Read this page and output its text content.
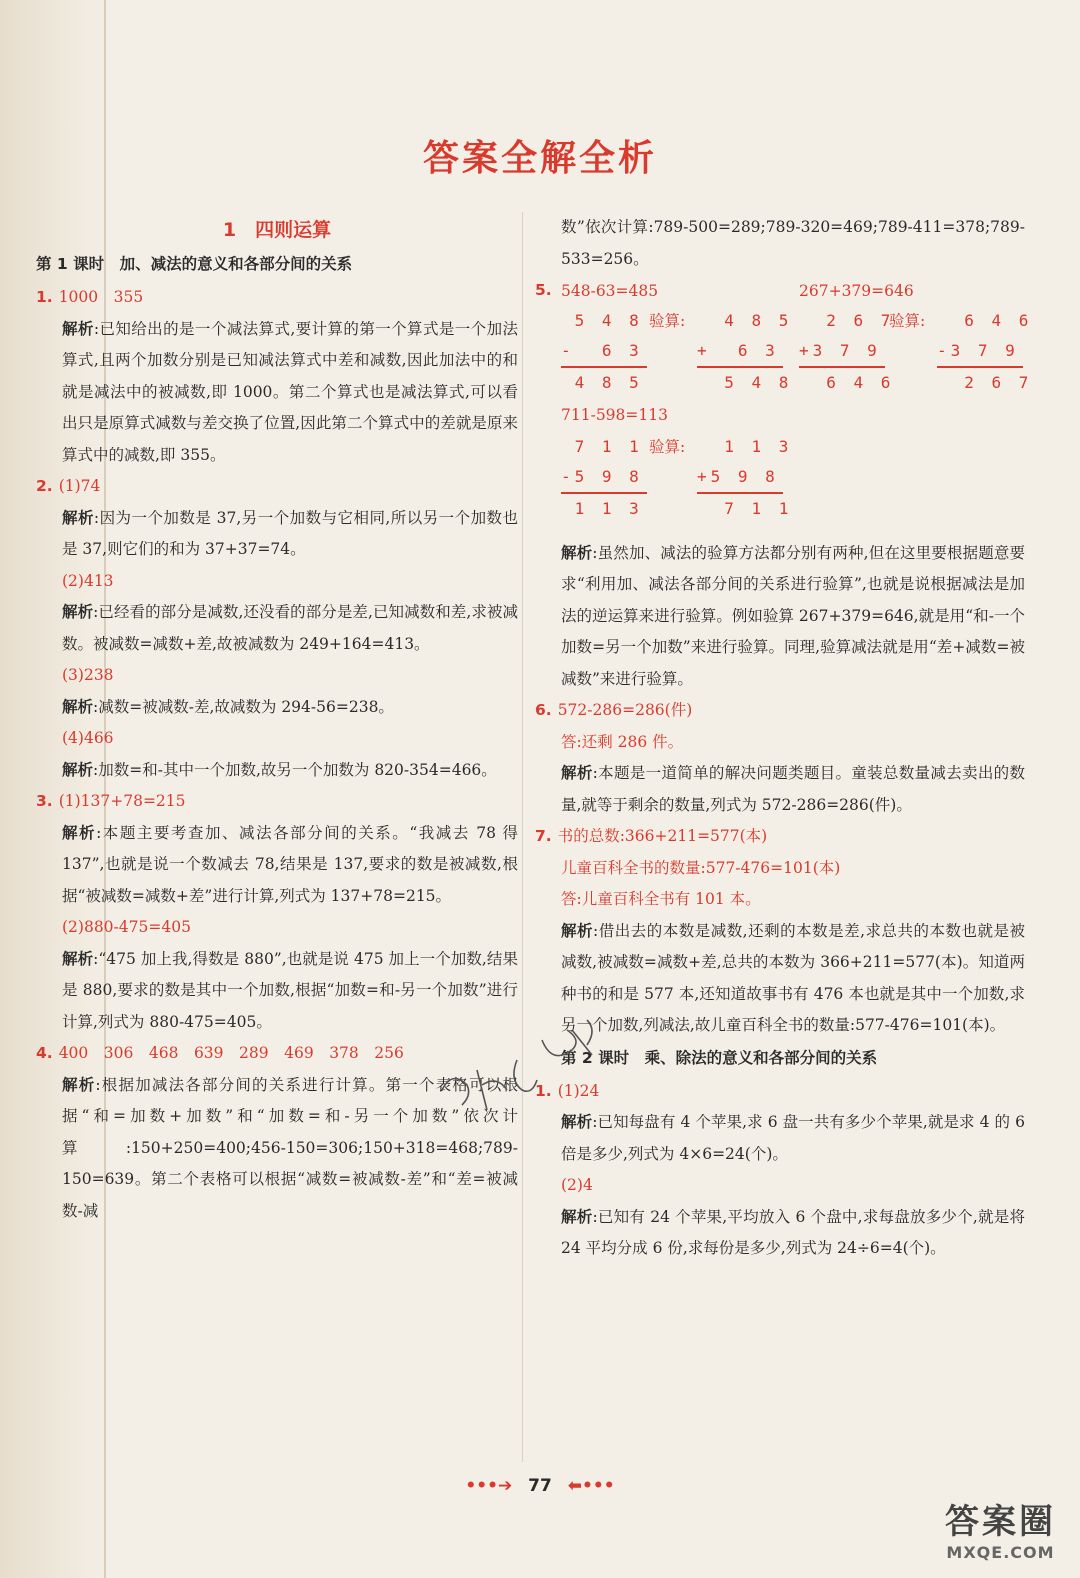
答案全解全析

1　四则运算

第 1 课时　加、减法的意义和各部分间的关系

1. 1000　355

解析:已知给出的是一个减法算式,要计算的第一个算式是一个加法算式,且两个加数分别是已知减法算式中差和减数,因此加法中的和就是减法中的被减数,即 1000。第二个算式也是减法算式,可以看出只是原算式减数与差交换了位置,因此第二个算式中的差就是原来算式中的减数,即 355。

2. (1)74

解析:因为一个加数是 37,另一个加数与它相同,所以另一个加数也是 37,则它们的和为 37+37=74。

(2)413

解析:已经看的部分是减数,还没看的部分是差,已知减数和差,求被减数。被减数=减数+差,故被减数为 249+164=413。

(3)238

解析:减数=被减数-差,故减数为 294-56=238。

(4)466

解析:加数=和-其中一个加数,故另一个加数为 820-354=466。

3. (1)137+78=215

解析:本题主要考查加、减法各部分间的关系。“我减去 78 得 137”,也就是说一个数减去 78,结果是 137,要求的数是被减数,根据“被减数=减数+差”进行计算,列式为 137+78=215。

(2)880-475=405

解析:“475 加上我,得数是 880”,也就是说 475 加上一个加数,结果是 880,要求的数是其中一个加数,根据“加数=和-另一个加数”进行计算,列式为 880-475=405。

4. 400　306　468　639　289　469　378　256

解析:根据加减法各部分间的关系进行计算。第一个表格可以根据“和=加数+加数”和“加数=和-另一个加数”依次计算:150+250=400;456-150=306;150+318=468;789-150=639。第二个表格可以根据“减数=被减数-差”和“差=被减数-减

数”依次计算:789-500=289;789-320=469;789-411=378;789-533=256。

5. 548-63=485	267+379=646
5 4 8
-  6 3
4 8 5
验算: 4 8 5
+  6 3
5 4 8
2 6 7
+3 7 9
6 4 6
验算: 6 4 6
-3 7 9
2 6 7
711-598=113
7 1 1
-5 9 8
1 1 3
验算: 1 1 3
+5 9 8
7 1 1

解析:虽然加、减法的验算方法都分别有两种,但在这里要根据题意要求“利用加、减法各部分间的关系进行验算”,也就是说根据减法是加法的逆运算来进行验算。例如验算 267+379=646,就是用“和-一个加数=另一个加数”来进行验算。同理,验算减法就是用“差+减数=被减数”来进行验算。

6. 572-286=286(件)

答:还剩 286 件。

解析:本题是一道简单的解决问题类题目。童装总数量减去卖出的数量,就等于剩余的数量,列式为 572-286=286(件)。

7. 书的总数:366+211=577(本)

儿童百科全书的数量:577-476=101(本)

答:儿童百科全书有 101 本。

解析:借出去的本数是减数,还剩的本数是差,求总共的本数也就是被减数,被减数=减数+差,总共的本数为 366+211=577(本)。知道两种书的和是 577 本,还知道故事书有 476 本也就是其中一个加数,求另一个加数,列减法,故儿童百科全书的数量:577-476=101(本)。

第 2 课时　乘、除法的意义和各部分间的关系

1. (1)24

解析:已知每盘有 4 个苹果,求 6 盘一共有多少个苹果,就是求 4 的 6 倍是多少,列式为 4×6=24(个)。

(2)4

解析:已知有 24 个苹果,平均放入 6 个盘中,求每盘放多少个,就是将 24 平均分成 6 份,求每份是多少,列式为 24÷6=4(个)。

•••➔ 77 ⬅•••
答案圈
MXQE.COM
